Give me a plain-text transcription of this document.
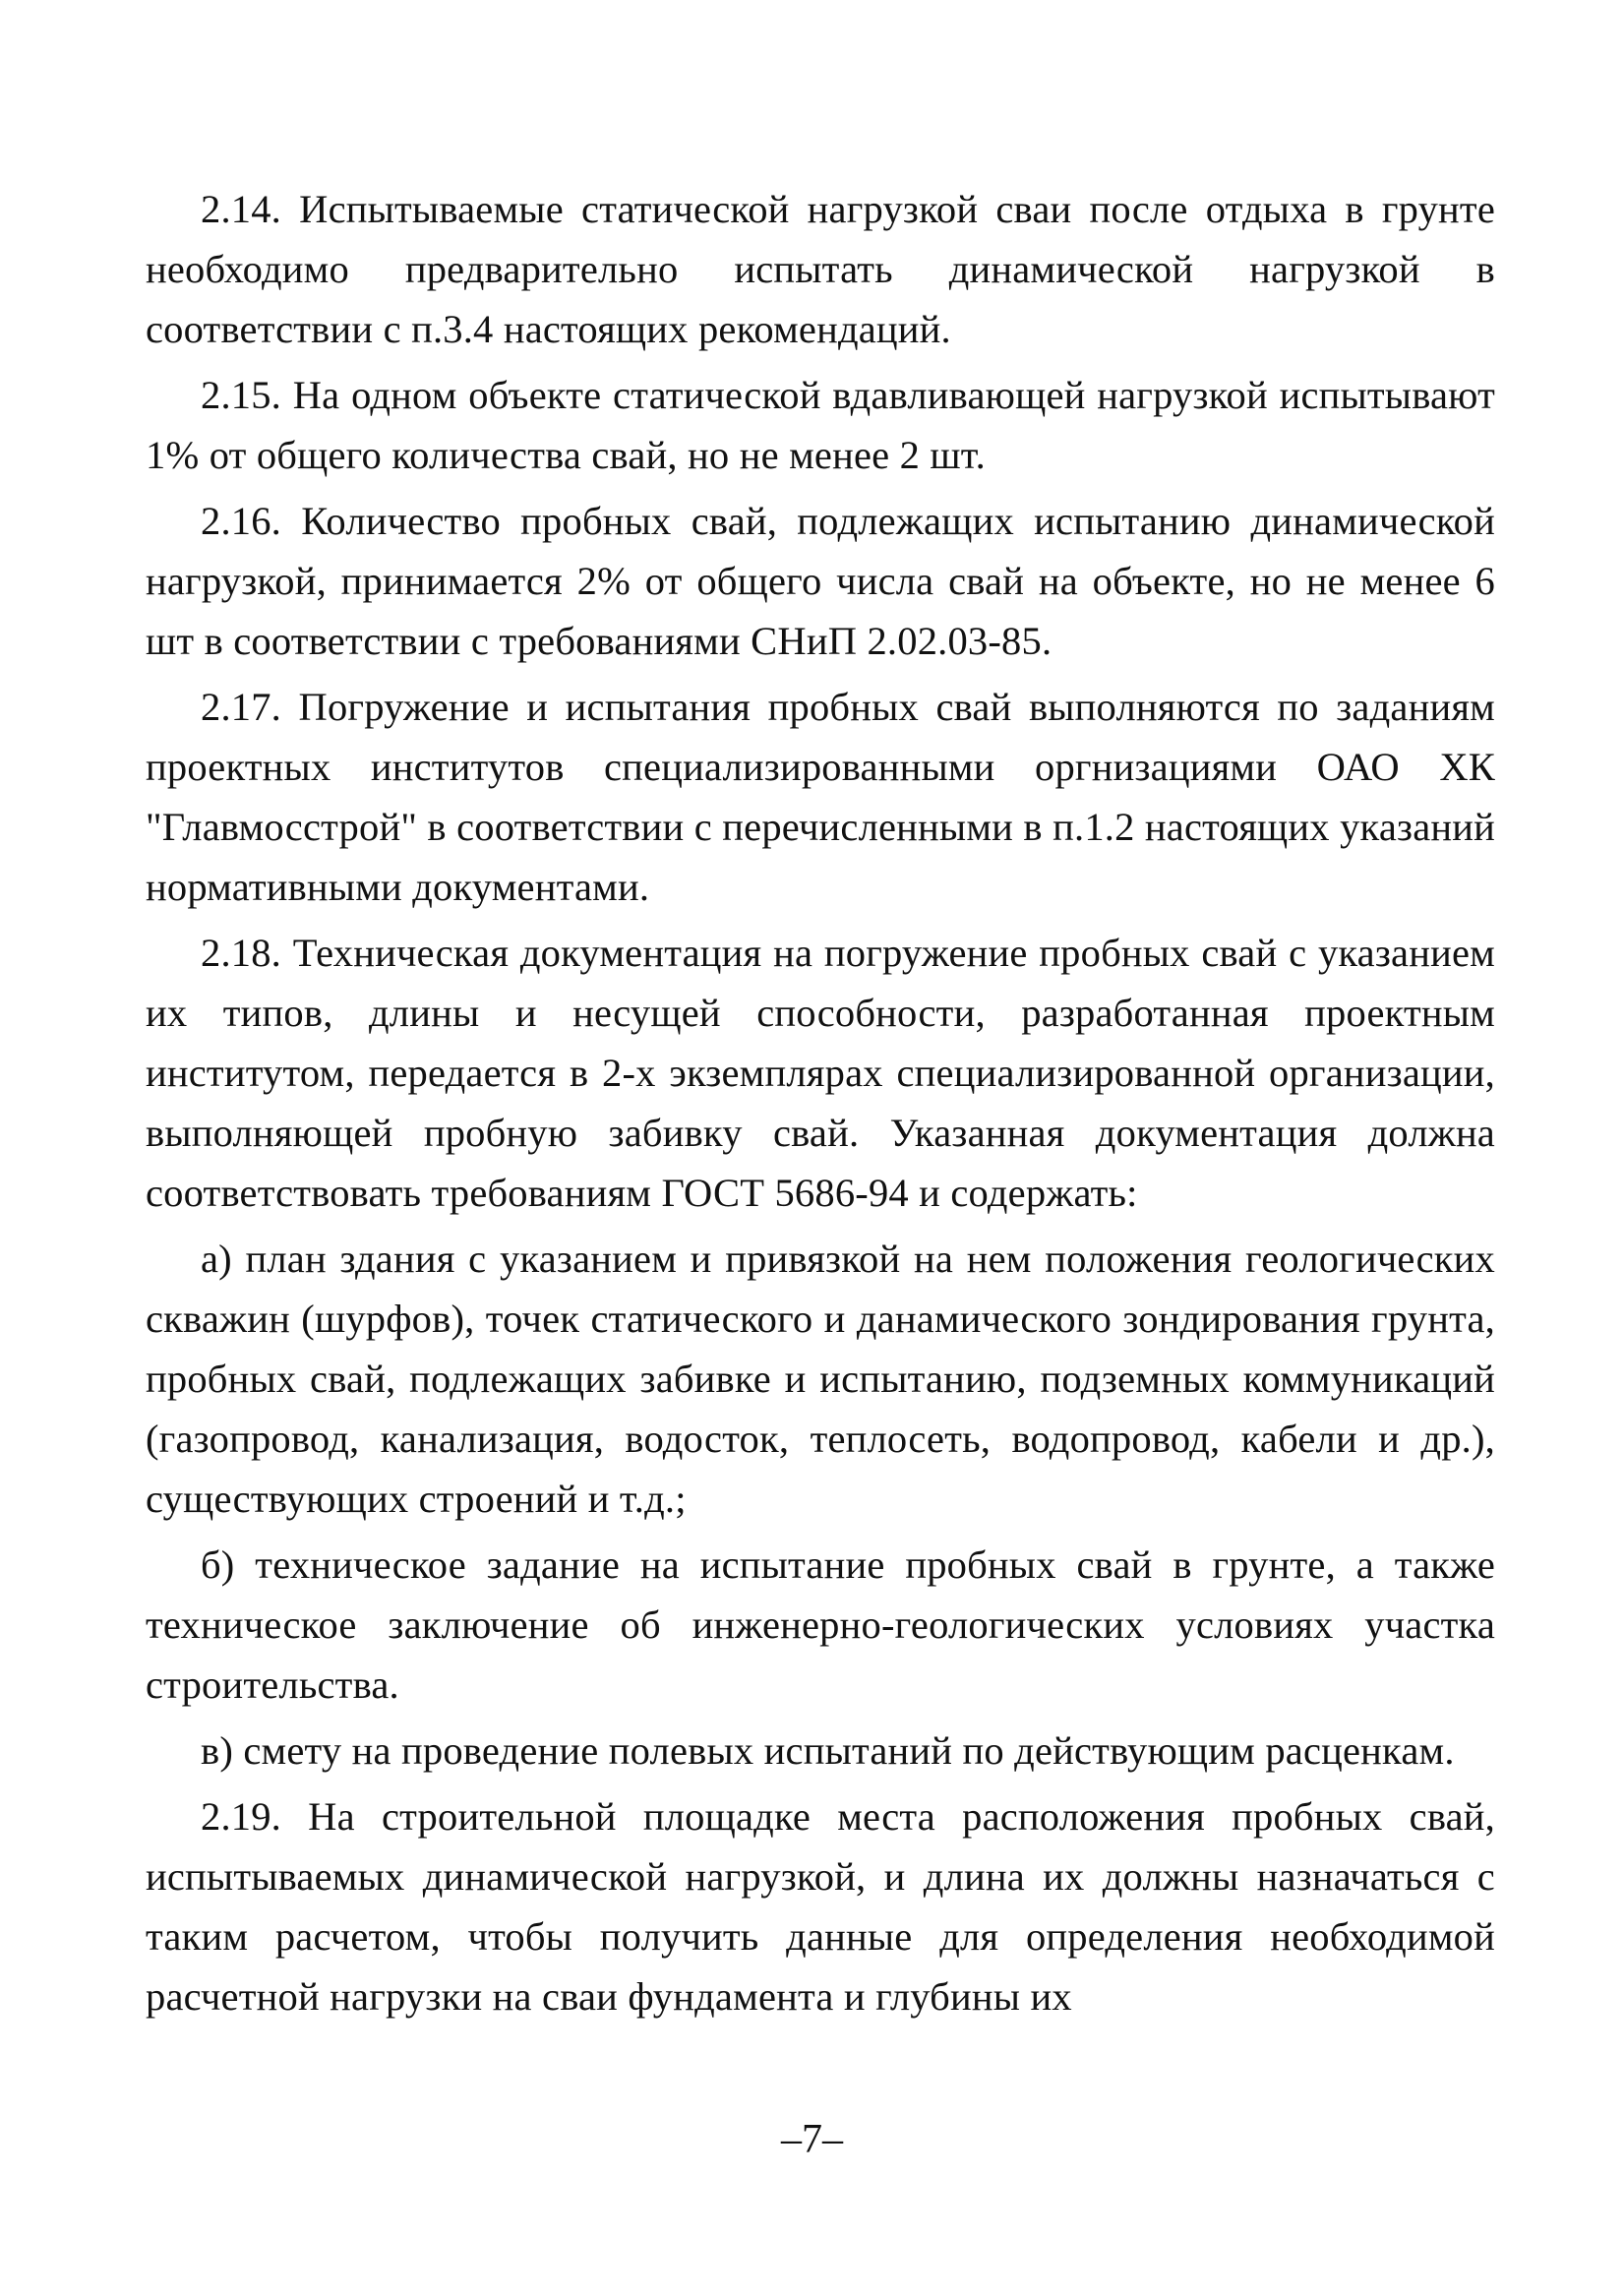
2.14. Испытываемые статической нагрузкой сваи после отдыха в грунте необходимо предварительно испытать динамической нагрузкой в соответствии с п.3.4 настоящих рекомендаций.

2.15. На одном объекте статической вдавливающей нагрузкой испытывают 1% от общего количества свай, но не менее 2 шт.

2.16. Количество пробных свай, подлежащих испытанию динамической нагрузкой, принимается 2% от общего числа свай на объекте, но не менее 6 шт в соответствии с требованиями СНиП 2.02.03-85.

2.17. Погружение и испытания пробных свай выполняются по заданиям проектных институтов специализированными оргнизациями ОАО ХК "Главмосстрой" в соответствии с перечисленными в п.1.2 настоящих указаний нормативными документами.

2.18. Техническая документация на погружение пробных свай с указанием их типов, длины и несущей способности, разработанная проектным институтом, передается в 2-х экземплярах специализированной организации, выполняющей пробную забивку свай. Указанная документация должна соответствовать требованиям ГОСТ 5686-94 и содержать:

а) план здания с указанием и привязкой на нем положения геологических скважин (шурфов), точек статического и данамического зондирования грунта, пробных свай, подлежащих забивке и испытанию, подземных коммуникаций (газопровод, канализация, водосток, теплосеть, водопровод, кабели и др.), существующих строений и т.д.;

б) техническое задание на испытание пробных свай в грунте, а также техническое заключение об инженерно-геологических условиях участка строительства.

в) смету на проведение полевых испытаний по действующим расценкам.

2.19. На строительной площадке места расположения пробных свай, испытываемых динамической нагрузкой, и длина их должны назначаться с таким расчетом, чтобы получить данные для определения необходимой расчетной нагрузки на сваи фундамента и глубины их

–7–
